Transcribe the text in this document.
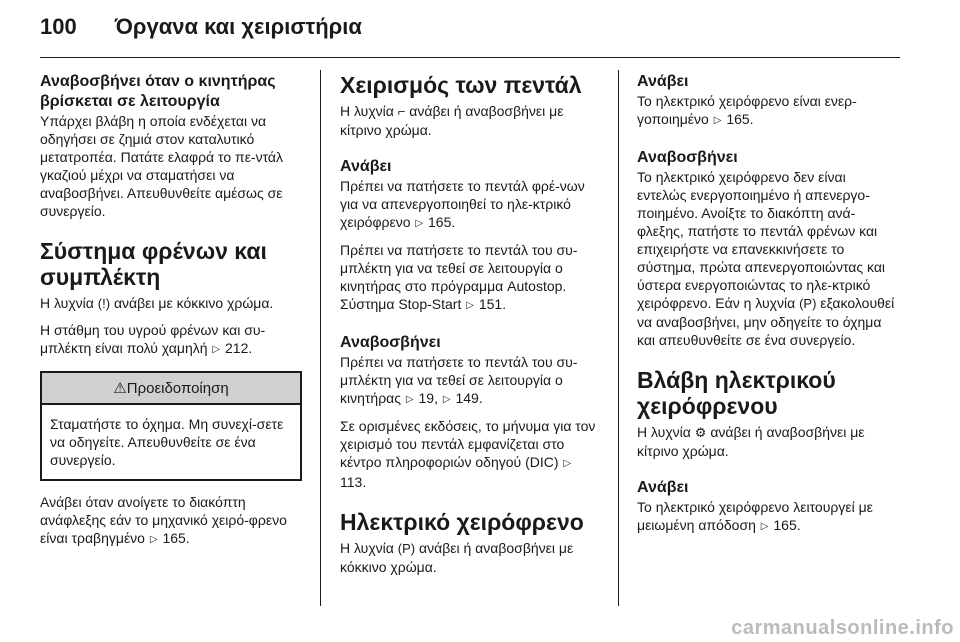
100 Όργανα και χειριστήρια

Αναβοσβήνει όταν ο κινητήρας βρίσκεται σε λειτουργία

Υπάρχει βλάβη η οποία ενδέχεται να οδηγήσει σε ζημιά στον καταλυτικό μετατροπέα. Πατάτε ελαφρά το πε-ντάλ γκαζιού μέχρι να σταματήσει να αναβοσβήνει. Απευθυνθείτε αμέσως σε συνεργείο.

Σύστημα φρένων και συμπλέκτη

Η λυχνία (!) ανάβει με κόκκινο χρώμα.

Η στάθμη του υγρού φρένων και συ-μπλέκτη είναι πολύ χαμηλή ▷ 212.

⚠Προειδοποίηση
Σταματήστε το όχημα. Μη συνεχί-σετε να οδηγείτε. Απευθυνθείτε σε ένα συνεργείο.

Ανάβει όταν ανοίγετε το διακόπτη ανάφλεξης εάν το μηχανικό χειρό-φρενο είναι τραβηγμένο ▷ 165.

Χειρισμός των πεντάλ

Η λυχνία ⌐ ανάβει ή αναβοσβήνει με κίτρινο χρώμα.

Ανάβει

Πρέπει να πατήσετε το πεντάλ φρέ-νων για να απενεργοποιηθεί το ηλε-κτρικό χειρόφρενο ▷ 165.

Πρέπει να πατήσετε το πεντάλ του συ-μπλέκτη για να τεθεί σε λειτουργία ο κινητήρας στο πρόγραμμα Autostop. Σύστημα Stop-Start ▷ 151.

Αναβοσβήνει

Πρέπει να πατήσετε το πεντάλ του συ-μπλέκτη για να τεθεί σε λειτουργία ο κινητήρας ▷ 19, ▷ 149.

Σε ορισμένες εκδόσεις, το μήνυμα για τον χειρισμό του πεντάλ εμφανίζεται στο κέντρο πληροφοριών οδηγού (DIC) ▷ 113.

Ηλεκτρικό χειρόφρενο

Η λυχνία (P) ανάβει ή αναβοσβήνει με κόκκινο χρώμα.

Ανάβει

Το ηλεκτρικό χειρόφρενο είναι ενερ-γοποιημένο ▷ 165.

Αναβοσβήνει

Το ηλεκτρικό χειρόφρενο δεν είναι εντελώς ενεργοποιημένο ή απενεργο-ποιημένο. Ανοίξτε το διακόπτη ανά-φλεξης, πατήστε το πεντάλ φρένων και επιχειρήστε να επανεκκινήσετε το σύστημα, πρώτα απενεργοποιώντας και ύστερα ενεργοποιώντας το ηλε-κτρικό χειρόφρενο. Εάν η λυχνία (P) εξακολουθεί να αναβοσβήνει, μην οδηγείτε το όχημα και απευθυνθείτε σε ένα συνεργείο.

Βλάβη ηλεκτρικού χειρόφρενου

Η λυχνία ⚙ ανάβει ή αναβοσβήνει με κίτρινο χρώμα.

Ανάβει

Το ηλεκτρικό χειρόφρενο λειτουργεί με μειωμένη απόδοση ▷ 165.

carmanualsonline.info
